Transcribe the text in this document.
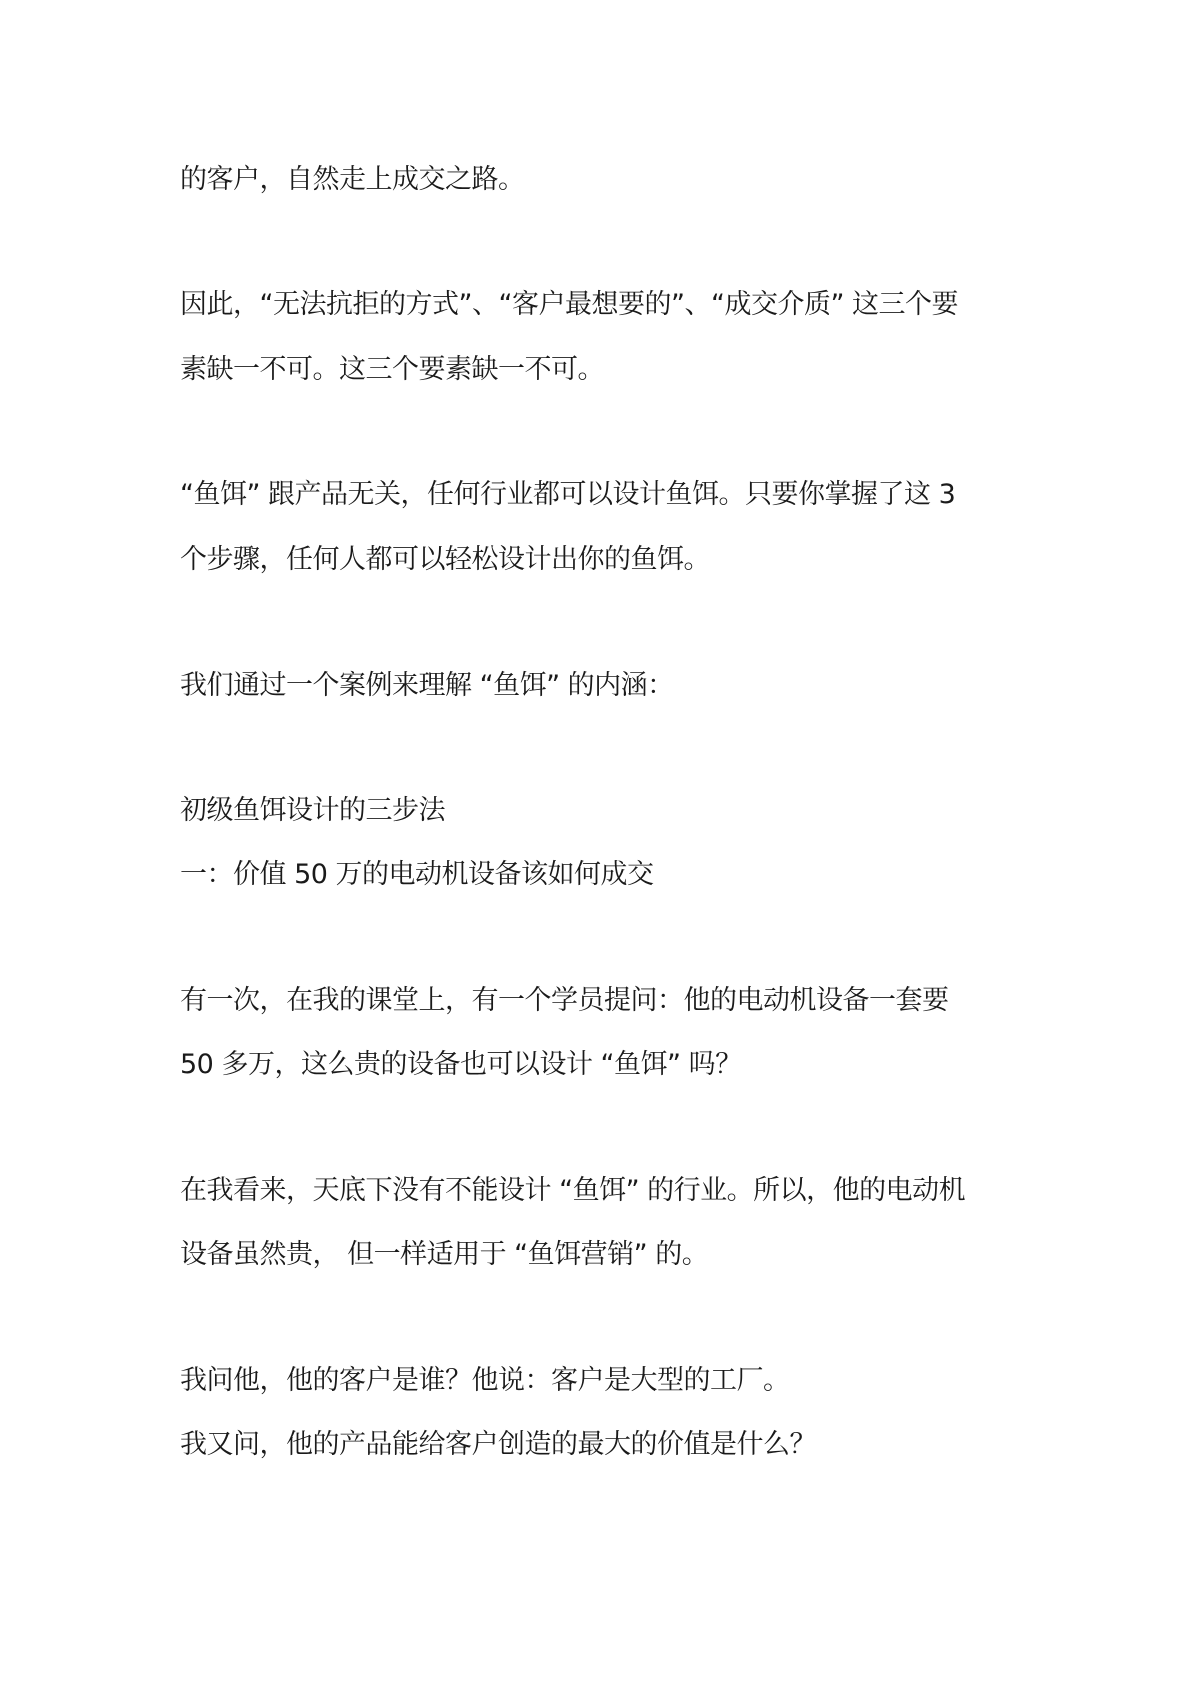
的客户，自然走上成交之路。
因此，“无法抗拒的方式”、“客户最想要的”、“成交介质” 这三个要
素缺一不可。这三个要素缺一不可。
“鱼饵” 跟产品无关，任何行业都可以设计鱼饵。只要你掌握了这 3
个步骤，任何人都可以轻松设计出你的鱼饵。
我们通过一个案例来理解 “鱼饵” 的内涵：
初级鱼饵设计的三步法
一：价值 50 万的电动机设备该如何成交
有一次，在我的课堂上，有一个学员提问：他的电动机设备一套要
50 多万，这么贵的设备也可以设计 “鱼饵” 吗？
在我看来，天底下没有不能设计 “鱼饵” 的行业。所以，他的电动机
设备虽然贵， 但一样适用于 “鱼饵营销” 的。
我问他，他的客户是谁？他说：客户是大型的工厂。
我又问，他的产品能给客户创造的最大的价值是什么？
